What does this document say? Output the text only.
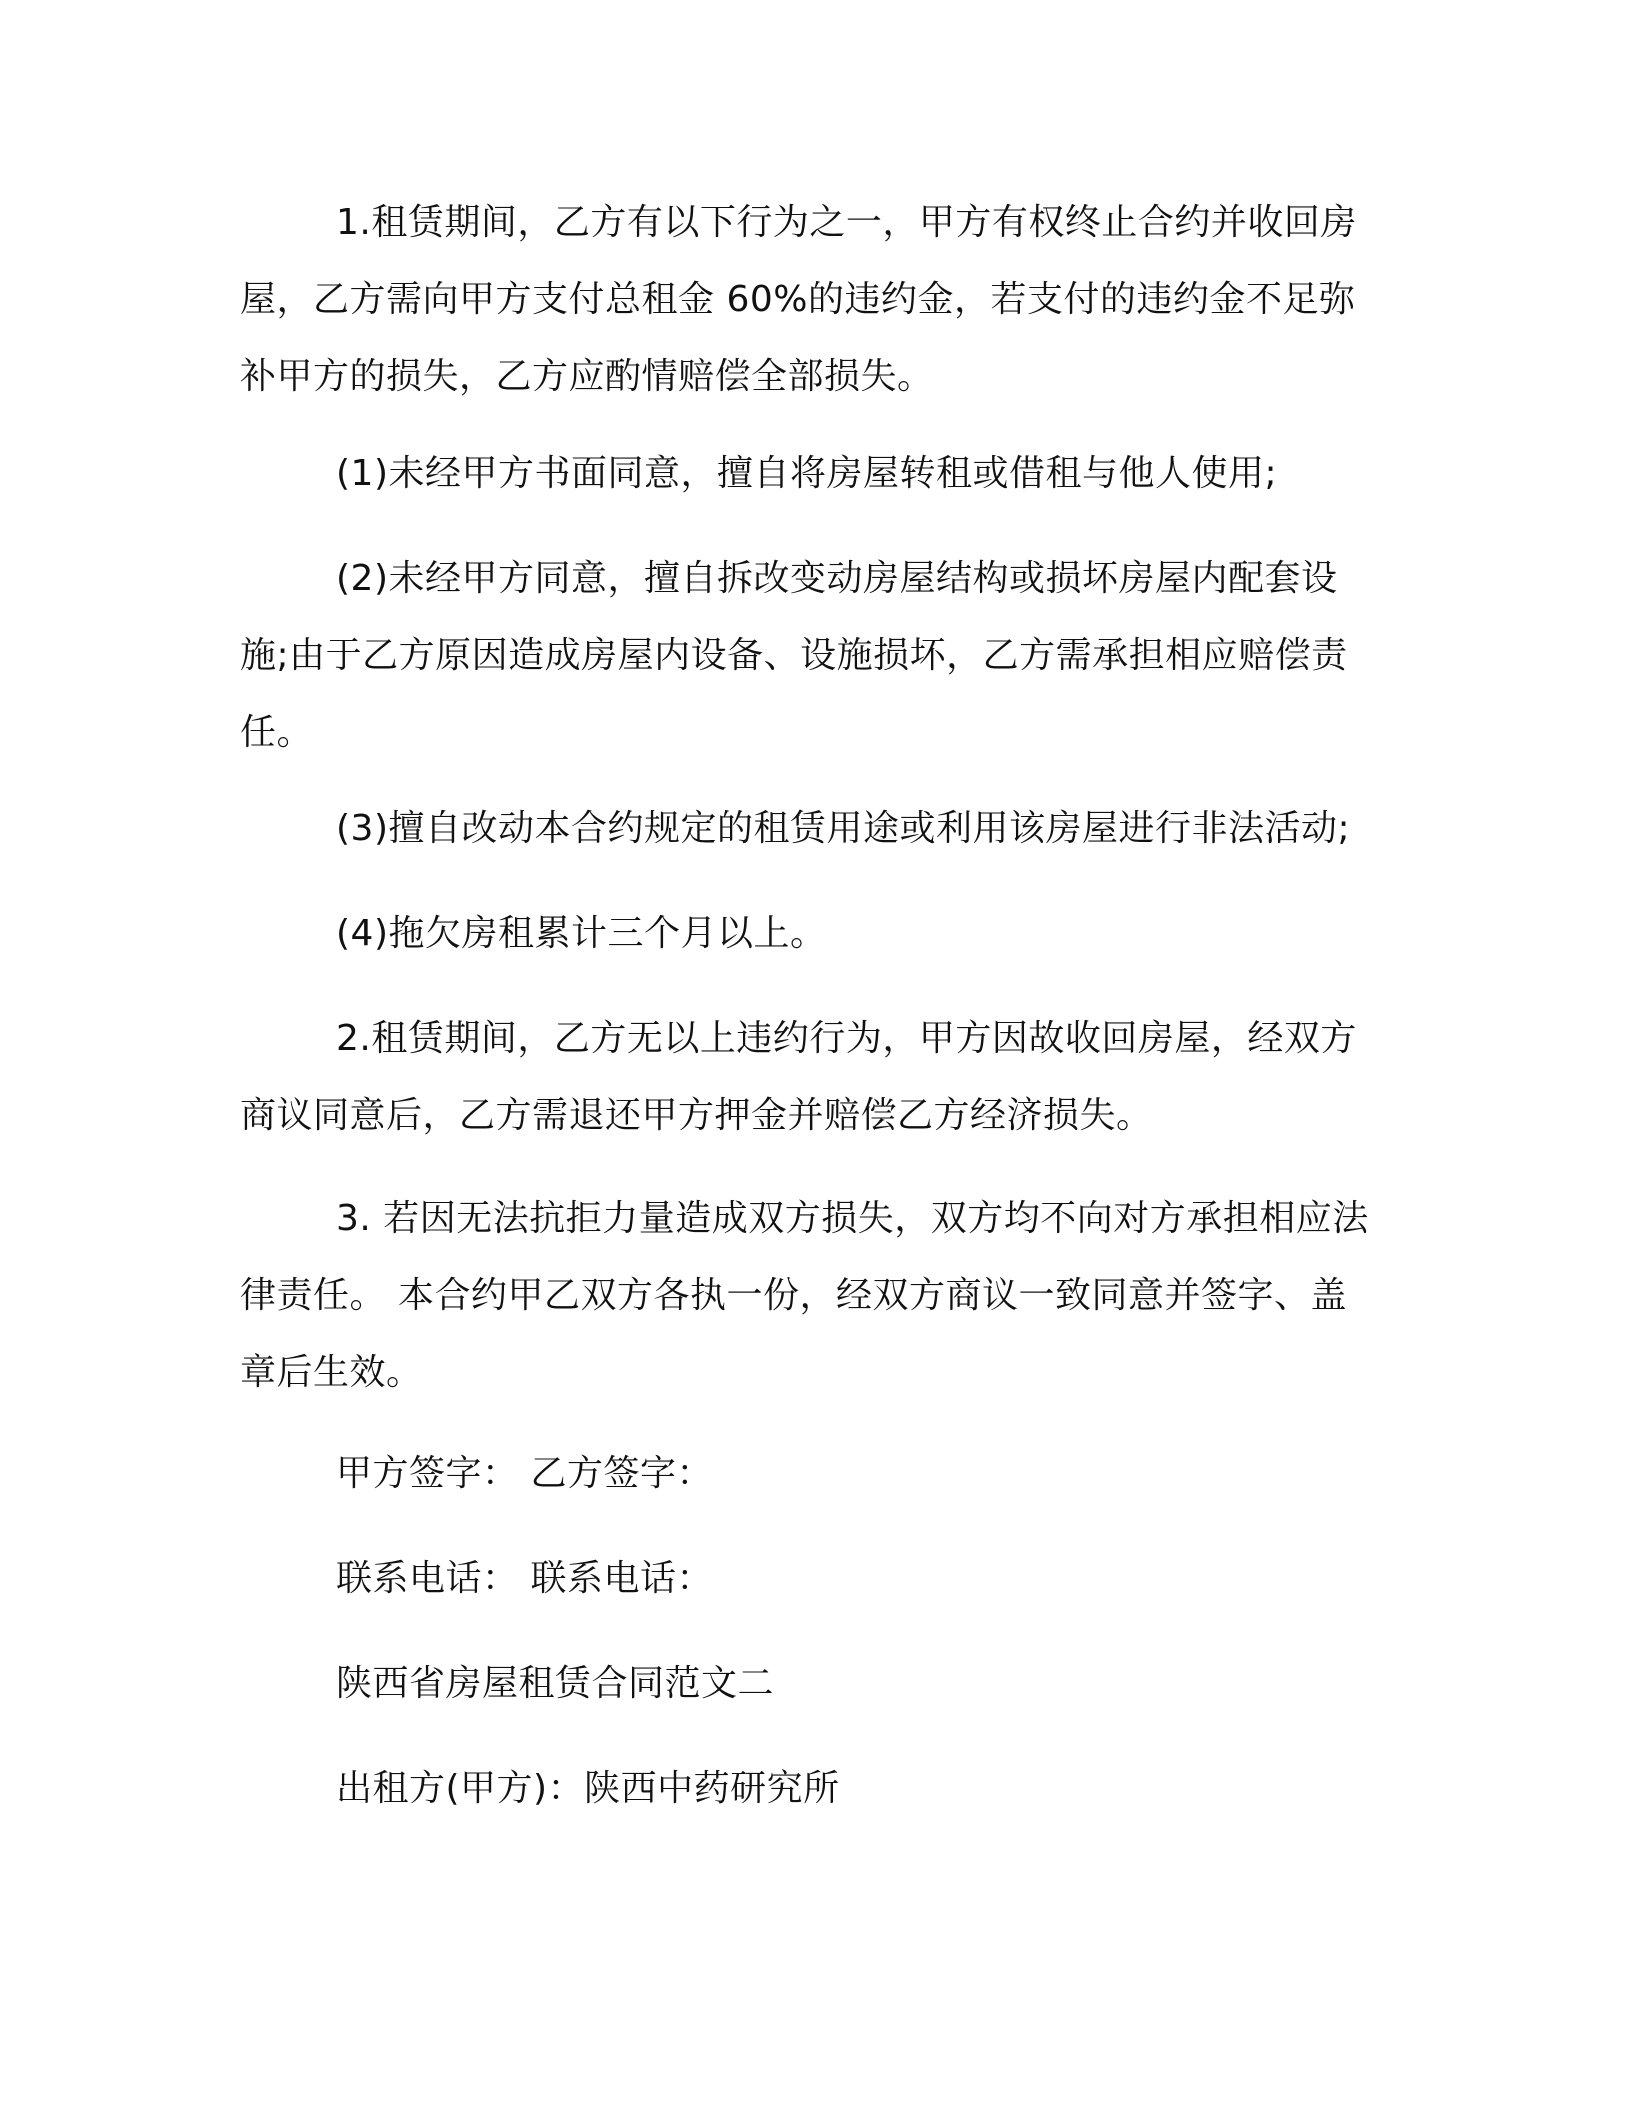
1.租赁期间，乙方有以下行为之一，甲方有权终止合约并收回房屋，乙方需向甲方支付总租金 60%的违约金，若支付的违约金不足弥补甲方的损失，乙方应酌情赔偿全部损失。

(1)未经甲方书面同意，擅自将房屋转租或借租与他人使用;

(2)未经甲方同意，擅自拆改变动房屋结构或损坏房屋内配套设施;由于乙方原因造成房屋内设备、设施损坏，乙方需承担相应赔偿责任。

(3)擅自改动本合约规定的租赁用途或利用该房屋进行非法活动;

(4)拖欠房租累计三个月以上。

2.租赁期间，乙方无以上违约行为，甲方因故收回房屋，经双方商议同意后，乙方需退还甲方押金并赔偿乙方经济损失。

3. 若因无法抗拒力量造成双方损失，双方均不向对方承担相应法律责任。 本合约甲乙双方各执一份，经双方商议一致同意并签字、盖章后生效。

甲方签字： 乙方签字：

联系电话： 联系电话：

陕西省房屋租赁合同范文二

出租方(甲方)：陕西中药研究所
